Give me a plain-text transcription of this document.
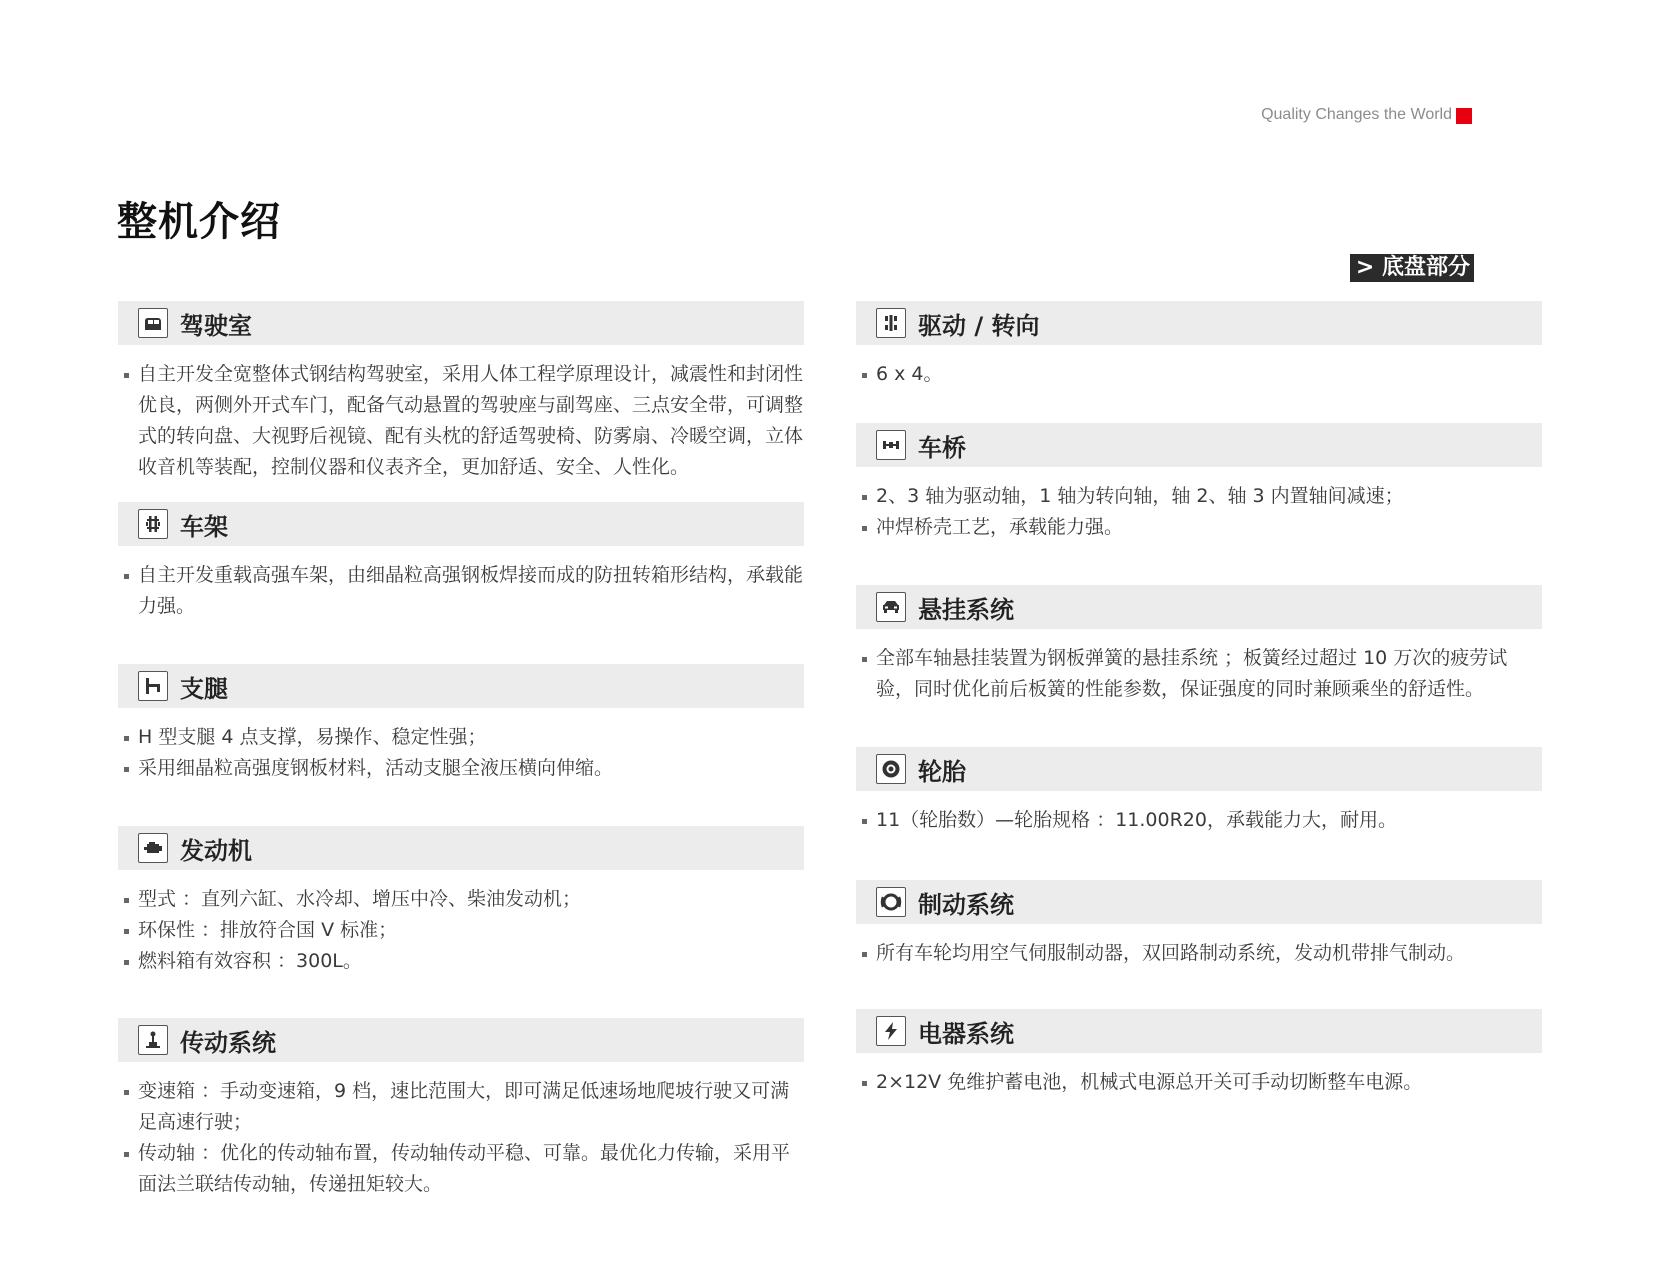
Quality Changes the World
整机介绍
> 底盘部分
驾驶室
自主开发全宽整体式钢结构驾驶室，采用人体工程学原理设计，减震性和封闭性优良，两侧外开式车门，配备气动悬置的驾驶座与副驾座、三点安全带，可调整式的转向盘、大视野后视镜、配有头枕的舒适驾驶椅、防雾扇、冷暖空调，立体收音机等装配，控制仪器和仪表齐全，更加舒适、安全、人性化。
车架
自主开发重载高强车架，由细晶粒高强钢板焊接而成的防扭转箱形结构，承载能力强。
支腿
H 型支腿 4 点支撑，易操作、稳定性强；
采用细晶粒高强度钢板材料，活动支腿全液压横向伸缩。
发动机
型式 ：直列六缸、水冷却、增压中冷、柴油发动机；
环保性 ：排放符合国 V 标准；
燃料箱有效容积 ：300L。
传动系统
变速箱 ：手动变速箱，9 档，速比范围大，即可满足低速场地爬坡行驶又可满足高速行驶；
传动轴 ：优化的传动轴布置，传动轴传动平稳、可靠。最优化力传输，采用平面法兰联结传动轴，传递扭矩较大。
驱动 / 转向
6 x 4。
车桥
2、3 轴为驱动轴，1 轴为转向轴，轴 2、轴 3 内置轴间减速；
冲焊桥壳工艺，承载能力强。
悬挂系统
全部车轴悬挂装置为钢板弹簧的悬挂系统 ；板簧经过超过 10 万次的疲劳试验，同时优化前后板簧的性能参数，保证强度的同时兼顾乘坐的舒适性。
轮胎
11（轮胎数）—轮胎规格 ：11.00R20，承载能力大，耐用。
制动系统
所有车轮均用空气伺服制动器，双回路制动系统，发动机带排气制动。
电器系统
2×12V 免维护蓄电池，机械式电源总开关可手动切断整车电源。
